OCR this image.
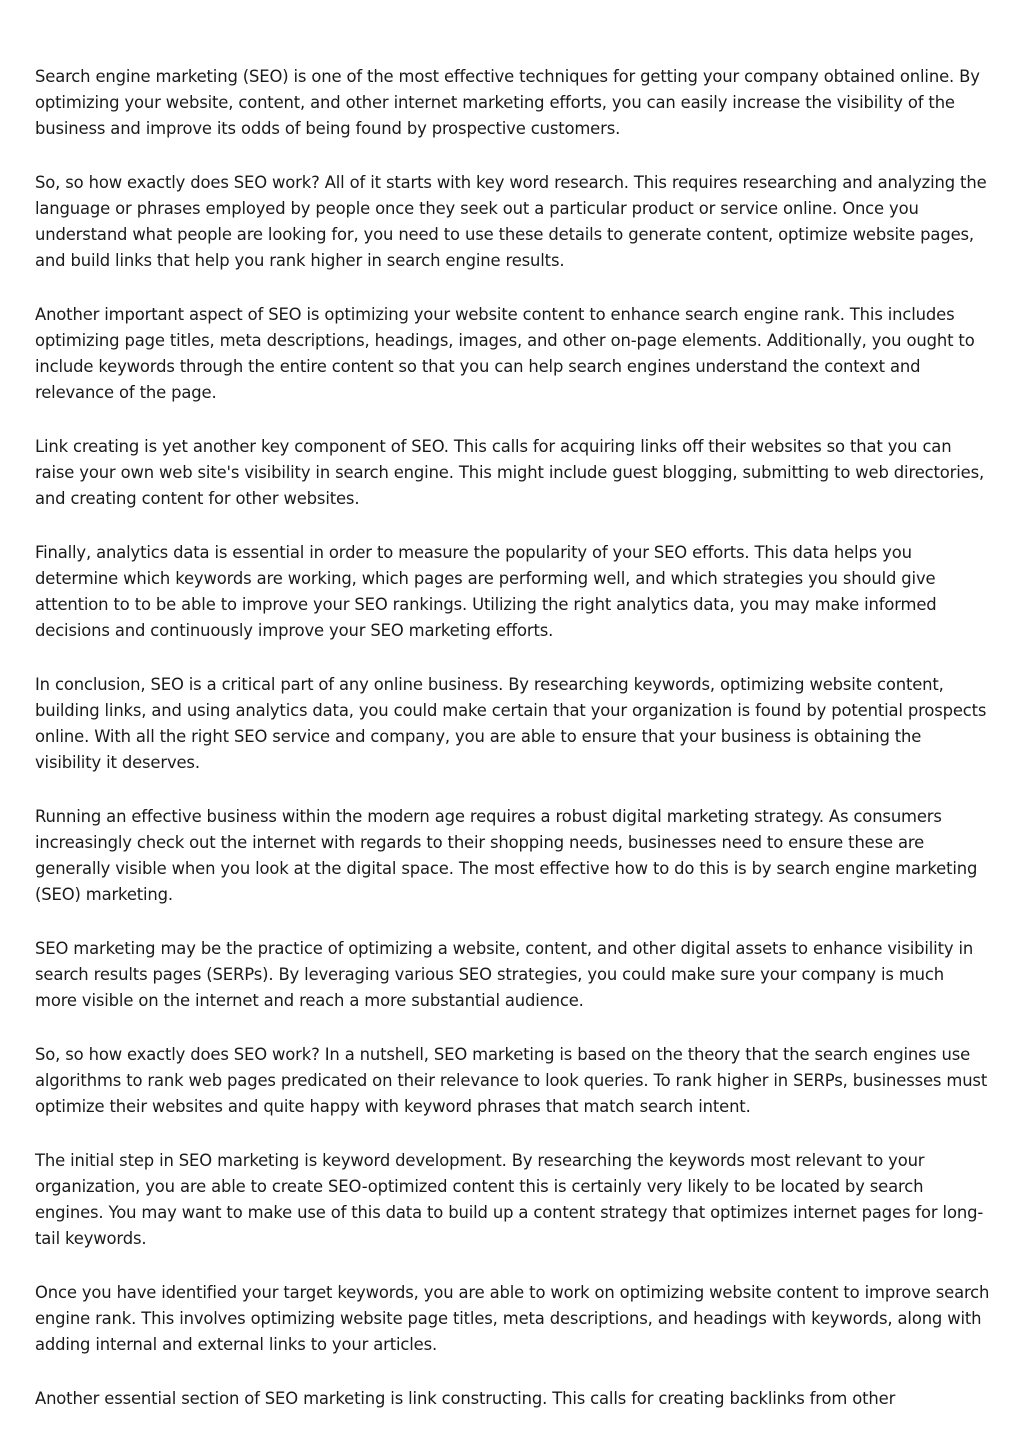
Search engine marketing (SEO) is one of the most effective techniques for getting your company obtained online. By optimizing your website, content, and other internet marketing efforts, you can easily increase the visibility of the business and improve its odds of being found by prospective customers.

So, so how exactly does SEO work? All of it starts with key word research. This requires researching and analyzing the language or phrases employed by people once they seek out a particular product or service online. Once you understand what people are looking for, you need to use these details to generate content, optimize website pages, and build links that help you rank higher in search engine results.

Another important aspect of SEO is optimizing your website content to enhance search engine rank. This includes optimizing page titles, meta descriptions, headings, images, and other on-page elements. Additionally, you ought to include keywords through the entire content so that you can help search engines understand the context and relevance of the page.

Link creating is yet another key component of SEO. This calls for acquiring links off their websites so that you can raise your own web site's visibility in search engine. This might include guest blogging, submitting to web directories, and creating content for other websites.

Finally, analytics data is essential in order to measure the popularity of your SEO efforts. This data helps you determine which keywords are working, which pages are performing well, and which strategies you should give attention to to be able to improve your SEO rankings. Utilizing the right analytics data, you may make informed decisions and continuously improve your SEO marketing efforts.

In conclusion, SEO is a critical part of any online business. By researching keywords, optimizing website content, building links, and using analytics data, you could make certain that your organization is found by potential prospects online. With all the right SEO service and company, you are able to ensure that your business is obtaining the visibility it deserves.

Running an effective business within the modern age requires a robust digital marketing strategy. As consumers increasingly check out the internet with regards to their shopping needs, businesses need to ensure these are generally visible when you look at the digital space. The most effective how to do this is by search engine marketing (SEO) marketing.

SEO marketing may be the practice of optimizing a website, content, and other digital assets to enhance visibility in search results pages (SERPs). By leveraging various SEO strategies, you could make sure your company is much more visible on the internet and reach a more substantial audience.

So, so how exactly does SEO work? In a nutshell, SEO marketing is based on the theory that the search engines use algorithms to rank web pages predicated on their relevance to look queries. To rank higher in SERPs, businesses must optimize their websites and quite happy with keyword phrases that match search intent.

The initial step in SEO marketing is keyword development. By researching the keywords most relevant to your organization, you are able to create SEO-optimized content this is certainly very likely to be located by search engines. You may want to make use of this data to build up a content strategy that optimizes internet pages for long-tail keywords.

Once you have identified your target keywords, you are able to work on optimizing website content to improve search engine rank. This involves optimizing website page titles, meta descriptions, and headings with keywords, along with adding internal and external links to your articles.

Another essential section of SEO marketing is link constructing. This calls for creating backlinks from other
